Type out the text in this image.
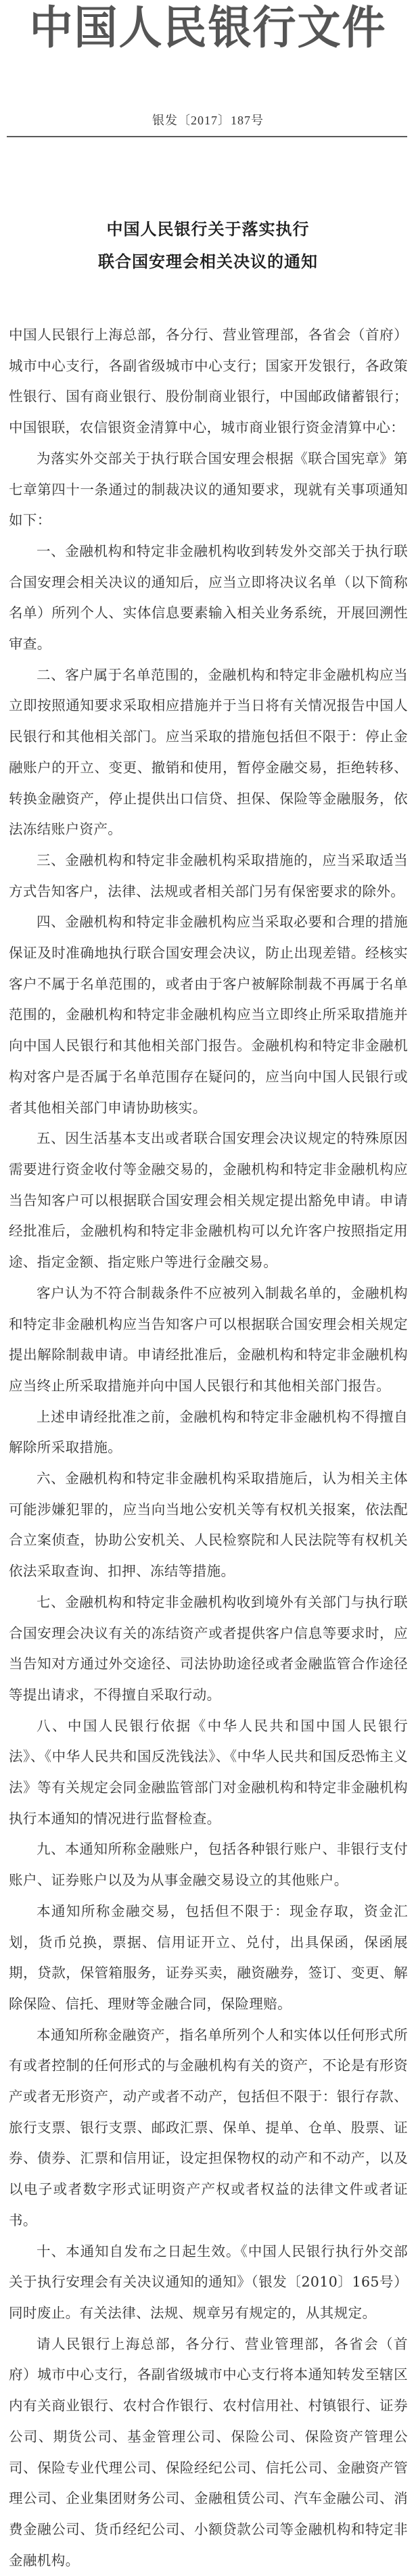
中国人民银行文件
银发〔2017〕187号
中国人民银行关于落实执行
联合国安理会相关决议的通知

中国人民银行上海总部，各分行、营业管理部，各省会（首府）城市中心支行，各副省级城市中心支行；国家开发银行，各政策性银行、国有商业银行、股份制商业银行，中国邮政储蓄银行；中国银联，农信银资金清算中心，城市商业银行资金清算中心：

为落实外交部关于执行联合国安理会根据《联合国宪章》第七章第四十一条通过的制裁决议的通知要求，现就有关事项通知如下：

一、金融机构和特定非金融机构收到转发外交部关于执行联合国安理会相关决议的通知后，应当立即将决议名单（以下简称名单）所列个人、实体信息要素输入相关业务系统，开展回溯性审查。

二、客户属于名单范围的，金融机构和特定非金融机构应当立即按照通知要求采取相应措施并于当日将有关情况报告中国人民银行和其他相关部门。应当采取的措施包括但不限于：停止金融账户的开立、变更、撤销和使用，暂停金融交易，拒绝转移、转换金融资产，停止提供出口信贷、担保、保险等金融服务，依法冻结账户资产。

三、金融机构和特定非金融机构采取措施的，应当采取适当方式告知客户，法律、法规或者相关部门另有保密要求的除外。

四、金融机构和特定非金融机构应当采取必要和合理的措施保证及时准确地执行联合国安理会决议，防止出现差错。经核实客户不属于名单范围的，或者由于客户被解除制裁不再属于名单范围的，金融机构和特定非金融机构应当立即终止所采取措施并向中国人民银行和其他相关部门报告。金融机构和特定非金融机构对客户是否属于名单范围存在疑问的，应当向中国人民银行或者其他相关部门申请协助核实。

五、因生活基本支出或者联合国安理会决议规定的特殊原因需要进行资金收付等金融交易的，金融机构和特定非金融机构应当告知客户可以根据联合国安理会相关规定提出豁免申请。申请经批准后，金融机构和特定非金融机构可以允许客户按照指定用途、指定金额、指定账户等进行金融交易。

客户认为不符合制裁条件不应被列入制裁名单的，金融机构和特定非金融机构应当告知客户可以根据联合国安理会相关规定提出解除制裁申请。申请经批准后，金融机构和特定非金融机构应当终止所采取措施并向中国人民银行和其他相关部门报告。

上述申请经批准之前，金融机构和特定非金融机构不得擅自解除所采取措施。

六、金融机构和特定非金融机构采取措施后，认为相关主体可能涉嫌犯罪的，应当向当地公安机关等有权机关报案，依法配合立案侦查，协助公安机关、人民检察院和人民法院等有权机关依法采取查询、扣押、冻结等措施。

七、金融机构和特定非金融机构收到境外有关部门与执行联合国安理会决议有关的冻结资产或者提供客户信息等要求时，应当告知对方通过外交途径、司法协助途径或者金融监管合作途径等提出请求，不得擅自采取行动。

八、中国人民银行依据《中华人民共和国中国人民银行法》、《中华人民共和国反洗钱法》、《中华人民共和国反恐怖主义法》等有关规定会同金融监管部门对金融机构和特定非金融机构执行本通知的情况进行监督检查。

九、本通知所称金融账户，包括各种银行账户、非银行支付账户、证券账户以及为从事金融交易设立的其他账户。

本通知所称金融交易，包括但不限于：现金存取，资金汇划，货币兑换，票据、信用证开立、兑付，出具保函，保函展期，贷款，保管箱服务，证券买卖，融资融券，签订、变更、解除保险、信托、理财等金融合同，保险理赔。

本通知所称金融资产，指名单所列个人和实体以任何形式所有或者控制的任何形式的与金融机构有关的资产，不论是有形资产或者无形资产，动产或者不动产，包括但不限于：银行存款、旅行支票、银行支票、邮政汇票、保单、提单、仓单、股票、证券、债券、汇票和信用证，设定担保物权的动产和不动产，以及以电子或者数字形式证明资产产权或者权益的法律文件或者证书。

十、本通知自发布之日起生效。《中国人民银行执行外交部关于执行安理会有关决议通知的通知》（银发〔2010〕165号）同时废止。有关法律、法规、规章另有规定的，从其规定。

请人民银行上海总部，各分行、营业管理部，各省会（首府）城市中心支行，各副省级城市中心支行将本通知转发至辖区内有关商业银行、农村合作银行、农村信用社、村镇银行、证券公司、期货公司、基金管理公司、保险公司、保险资产管理公司、保险专业代理公司、保险经纪公司、信托公司、金融资产管理公司、企业集团财务公司、金融租赁公司、汽车金融公司、消费金融公司、货币经纪公司、小额贷款公司等金融机构和特定非金融机构。
